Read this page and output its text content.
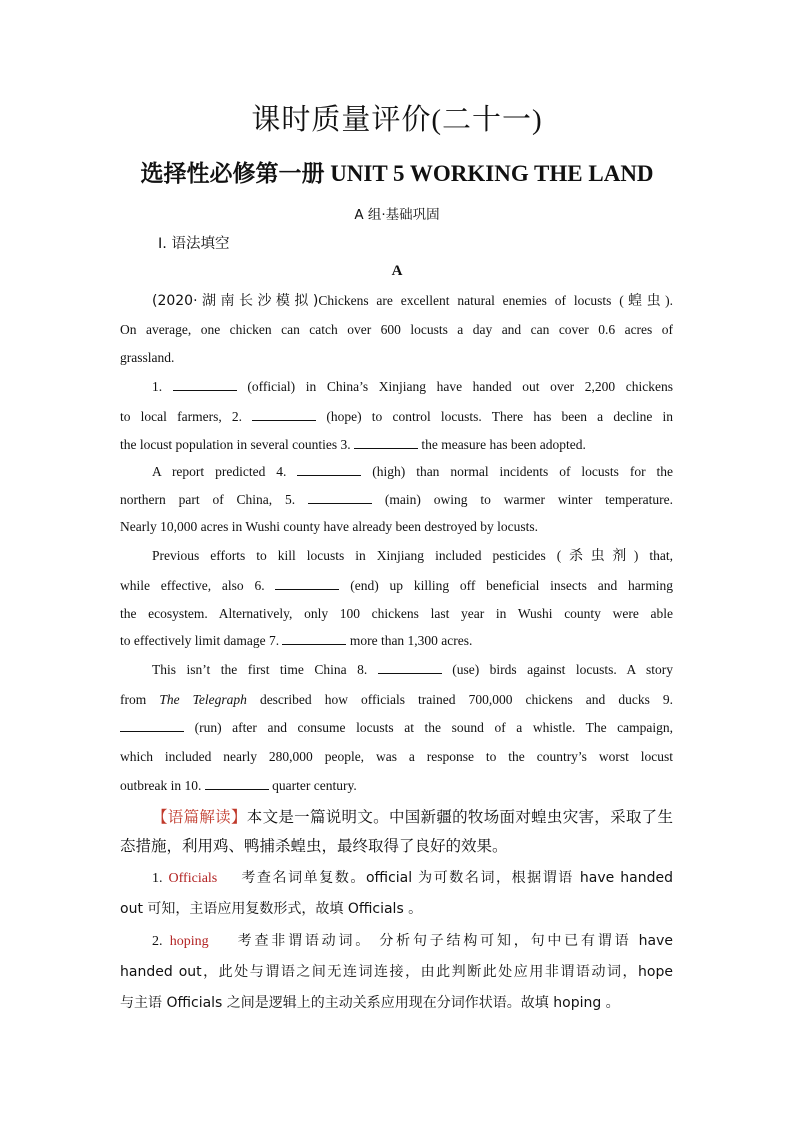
课时质量评价(二十一)
选择性必修第一册 UNIT 5 WORKING THE LAND
A 组·基础巩固
Ⅰ. 语法填空
A
(2020·湖南长沙模拟)Chickens are excellent natural enemies of locusts (蝗虫).
On average, one chicken can catch over 600 locusts a day and can cover 0.6 acres of
grassland.
1.	(official) in China’s Xinjiang have handed out over 2,200 chickens
to local farmers, 2.	(hope) to control locusts. There has been a decline in
the locust population in several counties 3.	the measure has been adopted.
A report predicted 4.	(high) than normal incidents of locusts for the
northern part of China, 5.	(main) owing to warmer winter temperature.
Nearly 10,000 acres in Wushi county have already been destroyed by locusts.
Previous efforts to kill locusts in Xinjiang included pesticides (杀虫剂) that,
while effective, also 6.	(end) up killing off beneficial insects and harming
the ecosystem. Alternatively, only 100 chickens last year in Wushi county were able
to effectively limit damage 7.	more than 1,300 acres.
This isn’t the first time China 8.	(use) birds against locusts. A story
from The Telegraph described how officials trained 700,000 chickens and ducks 9.
(run) after and consume locusts at the sound of a whistle. The campaign,
which included nearly 280,000 people, was a response to the country’s worst locust
outbreak in 10.	quarter century.
【语篇解读】本文是一篇说明文。中国新疆的牧场面对蝗虫灾害，采取了生
态措施，利用鸡、鸭捕杀蝗虫，最终取得了良好的效果。
1. Officials 考查名词单复数。official 为可数名词，根据谓语 have handed
out 可知，主语应用复数形式，故填 Officials 。
2. hoping 考查非谓语动词。 分析句子结构可知，句中已有谓语 have
handed out，此处与谓语之间无连词连接，由此判断此处应用非谓语动词，hope
与主语 Officials 之间是逻辑上的主动关系应用现在分词作状语。故填 hoping 。
